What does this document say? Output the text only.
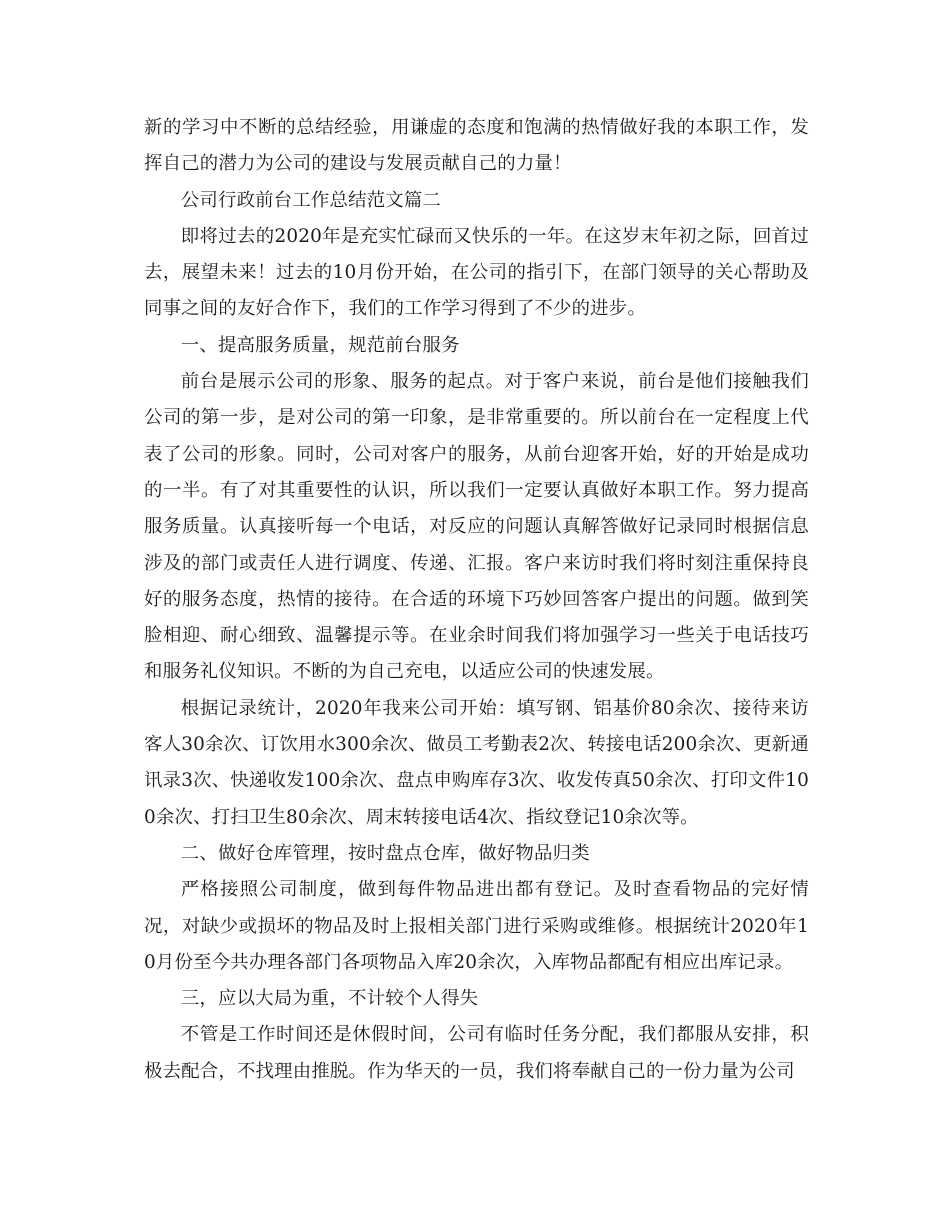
新的学习中不断的总结经验，用谦虚的态度和饱满的热情做好我的本职工作，发挥自己的潜力为公司的建设与发展贡献自己的力量！

公司行政前台工作总结范文篇二

即将过去的2020年是充实忙碌而又快乐的一年。在这岁末年初之际，回首过去，展望未来！过去的10月份开始，在公司的指引下，在部门领导的关心帮助及同事之间的友好合作下，我们的工作学习得到了不少的进步。

一、提高服务质量，规范前台服务

前台是展示公司的形象、服务的起点。对于客户来说，前台是他们接触我们公司的第一步，是对公司的第一印象，是非常重要的。所以前台在一定程度上代表了公司的形象。同时，公司对客户的服务，从前台迎客开始，好的开始是成功的一半。有了对其重要性的认识，所以我们一定要认真做好本职工作。努力提高服务质量。认真接听每一个电话，对反应的问题认真解答做好记录同时根据信息涉及的部门或责任人进行调度、传递、汇报。客户来访时我们将时刻注重保持良好的服务态度，热情的接待。在合适的环境下巧妙回答客户提出的问题。做到笑脸相迎、耐心细致、温馨提示等。在业余时间我们将加强学习一些关于电话技巧和服务礼仪知识。不断的为自己充电，以适应公司的快速发展。

根据记录统计，2020年我来公司开始：填写钢、铝基价80余次、接待来访客人30余次、订饮用水300余次、做员工考勤表2次、转接电话200余次、更新通讯录3次、快递收发100余次、盘点申购库存3次、收发传真50余次、打印文件100余次、打扫卫生80余次、周末转接电话4次、指纹登记10余次等。

二、做好仓库管理，按时盘点仓库，做好物品归类

严格接照公司制度，做到每件物品进出都有登记。及时查看物品的完好情况，对缺少或损坏的物品及时上报相关部门进行采购或维修。根据统计2020年10月份至今共办理各部门各项物品入库20余次，入库物品都配有相应出库记录。

三，应以大局为重，不计较个人得失

不管是工作时间还是休假时间，公司有临时任务分配，我们都服从安排，积极去配合，不找理由推脱。作为华天的一员，我们将奉献自己的一份力量为公司
